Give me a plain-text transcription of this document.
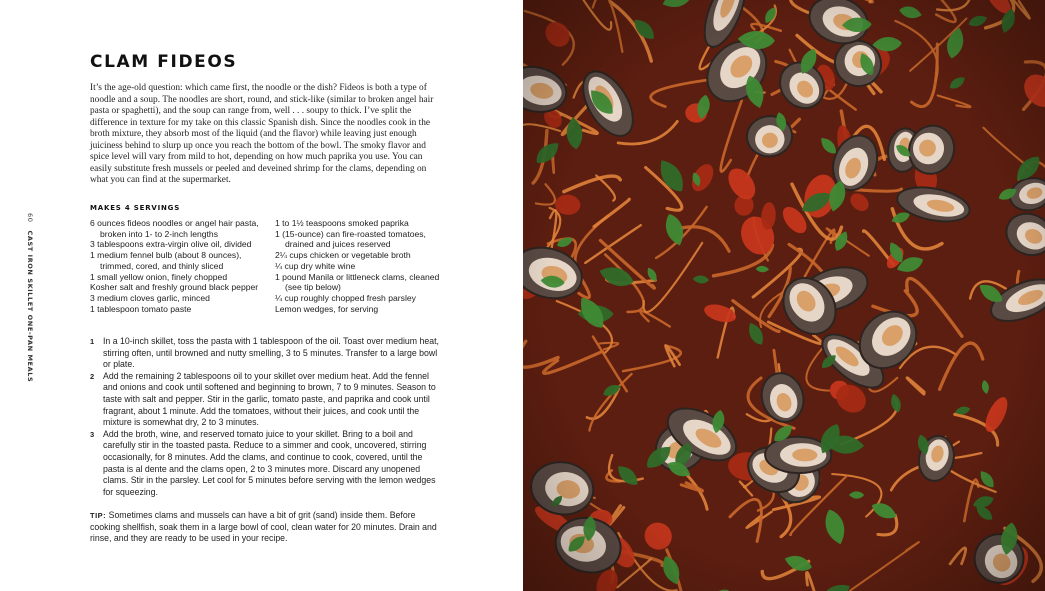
60CAST IRON SKILLET ONE-PAN MEALS
CLAM FIDEOS

It’s the age-old question: which came first, the noodle or the dish? Fideos is both a type of noodle and a soup. The noodles are short, round, and stick-like (similar to broken angel hair pasta or spaghetti), and the soup can range from, well . . . soupy to thick. I’ve split the difference in texture for my take on this classic Spanish dish. Since the noodles cook in the broth mixture, they absorb most of the liquid (and the flavor) while leaving just enough juiciness behind to slurp up once you reach the bottom of the bowl. The smoky flavor and spice level will vary from mild to hot, depending on how much paprika you use. You can easily substitute fresh mussels or peeled and deveined shrimp for the clams, depending on what you can find at the supermarket.

MAKES 4 SERVINGS
6 ounces fideos noodles or angel hair pasta, broken into 1- to 2-inch lengths
3 tablespoons extra-virgin olive oil, divided
1 medium fennel bulb (about 8 ounces), trimmed, cored, and thinly sliced
1 small yellow onion, finely chopped
Kosher salt and freshly ground black pepper
3 medium cloves garlic, minced
1 tablespoon tomato paste
1 to 1½ teaspoons smoked paprika
1 (15-ounce) can fire-roasted tomatoes, drained and juices reserved
2¼ cups chicken or vegetable broth
¼ cup dry white wine
1 pound Manila or littleneck clams, cleaned (see tip below)
¼ cup roughly chopped fresh parsley
Lemon wedges, for serving
1 In a 10-inch skillet, toss the pasta with 1 tablespoon of the oil. Toast over medium heat, stirring often, until browned and nutty smelling, 3 to 5 minutes. Transfer to a large bowl or plate.
2 Add the remaining 2 tablespoons oil to your skillet over medium heat. Add the fennel and onions and cook until softened and beginning to brown, 7 to 9 minutes. Season to taste with salt and pepper. Stir in the garlic, tomato paste, and paprika and cook until fragrant, about 1 minute. Add the tomatoes, without their juices, and cook until the mixture is somewhat dry, 2 to 3 minutes.
3 Add the broth, wine, and reserved tomato juice to your skillet. Bring to a boil and carefully stir in the toasted pasta. Reduce to a simmer and cook, uncovered, stirring occasionally, for 8 minutes. Add the clams, and continue to cook, covered, until the pasta is al dente and the clams open, 2 to 3 minutes more. Discard any unopened clams. Stir in the parsley. Let cool for 5 minutes before serving with the lemon wedges for squeezing.

TIP: Sometimes clams and mussels can have a bit of grit (sand) inside them. Before cooking shellfish, soak them in a large bowl of cool, clean water for 20 minutes. Drain and rinse, and they are ready to be used in your recipe.
